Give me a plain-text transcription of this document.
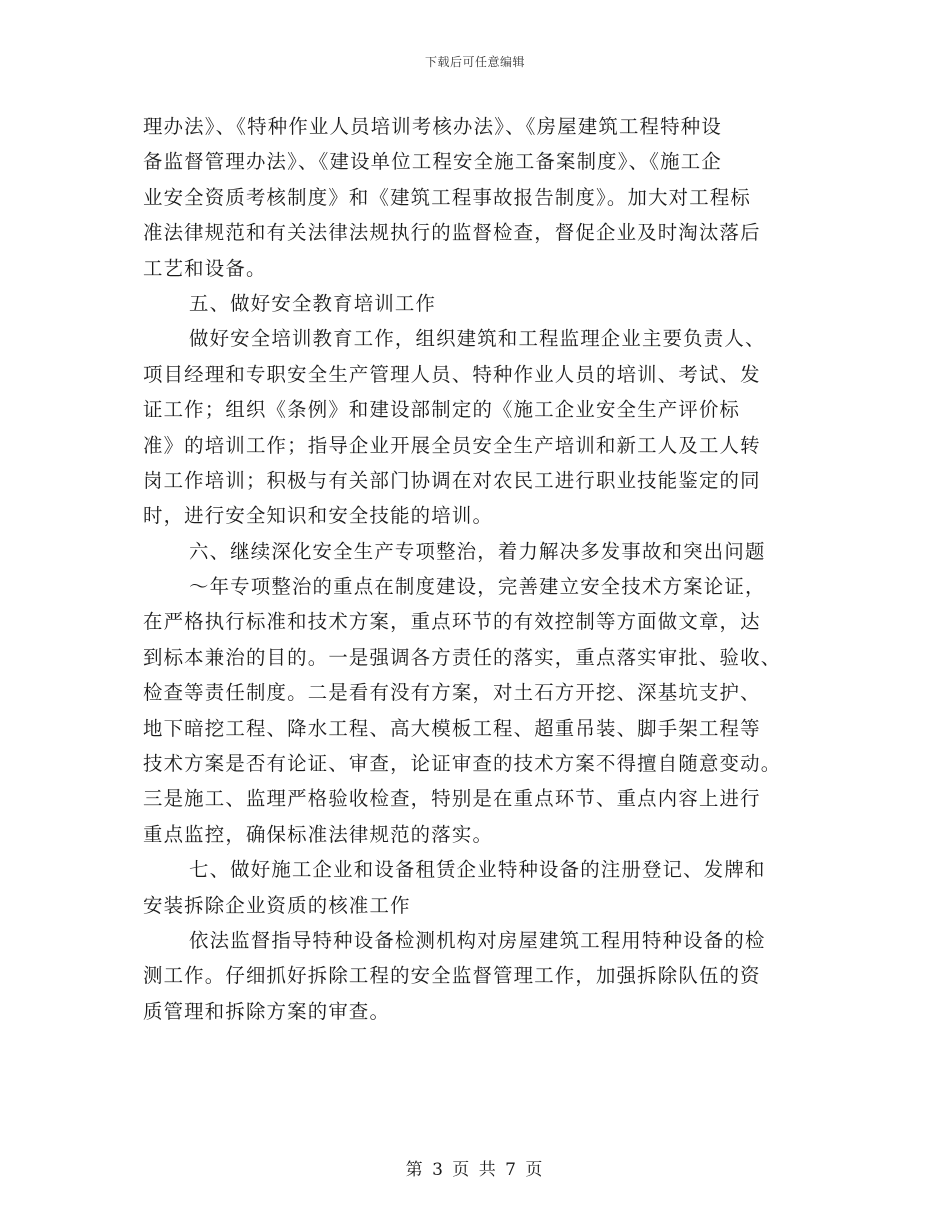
下载后可任意编辑
理办法》、《特种作业人员培训考核办法》、《房屋建筑工程特种设
备监督管理办法》、《建设单位工程安全施工备案制度》、《施工企
业安全资质考核制度》和《建筑工程事故报告制度》。加大对工程标
准法律规范和有关法律法规执行的监督检查，督促企业及时淘汰落后
工艺和设备。
五、做好安全教育培训工作
做好安全培训教育工作，组织建筑和工程监理企业主要负责人、
项目经理和专职安全生产管理人员、特种作业人员的培训、考试、发
证工作；组织《条例》和建设部制定的《施工企业安全生产评价标
准》的培训工作；指导企业开展全员安全生产培训和新工人及工人转
岗工作培训；积极与有关部门协调在对农民工进行职业技能鉴定的同
时，进行安全知识和安全技能的培训。
六、继续深化安全生产专项整治，着力解决多发事故和突出问题
～年专项整治的重点在制度建设，完善建立安全技术方案论证，
在严格执行标准和技术方案，重点环节的有效控制等方面做文章，达
到标本兼治的目的。一是强调各方责任的落实，重点落实审批、验收、
检查等责任制度。二是看有没有方案，对土石方开挖、深基坑支护、
地下暗挖工程、降水工程、高大模板工程、超重吊装、脚手架工程等
技术方案是否有论证、审查，论证审查的技术方案不得擅自随意变动。
三是施工、监理严格验收检查，特别是在重点环节、重点内容上进行
重点监控，确保标准法律规范的落实。
七、做好施工企业和设备租赁企业特种设备的注册登记、发牌和
安装拆除企业资质的核准工作
依法监督指导特种设备检测机构对房屋建筑工程用特种设备的检
测工作。仔细抓好拆除工程的安全监督管理工作，加强拆除队伍的资
质管理和拆除方案的审查。
第 3 页 共 7 页
